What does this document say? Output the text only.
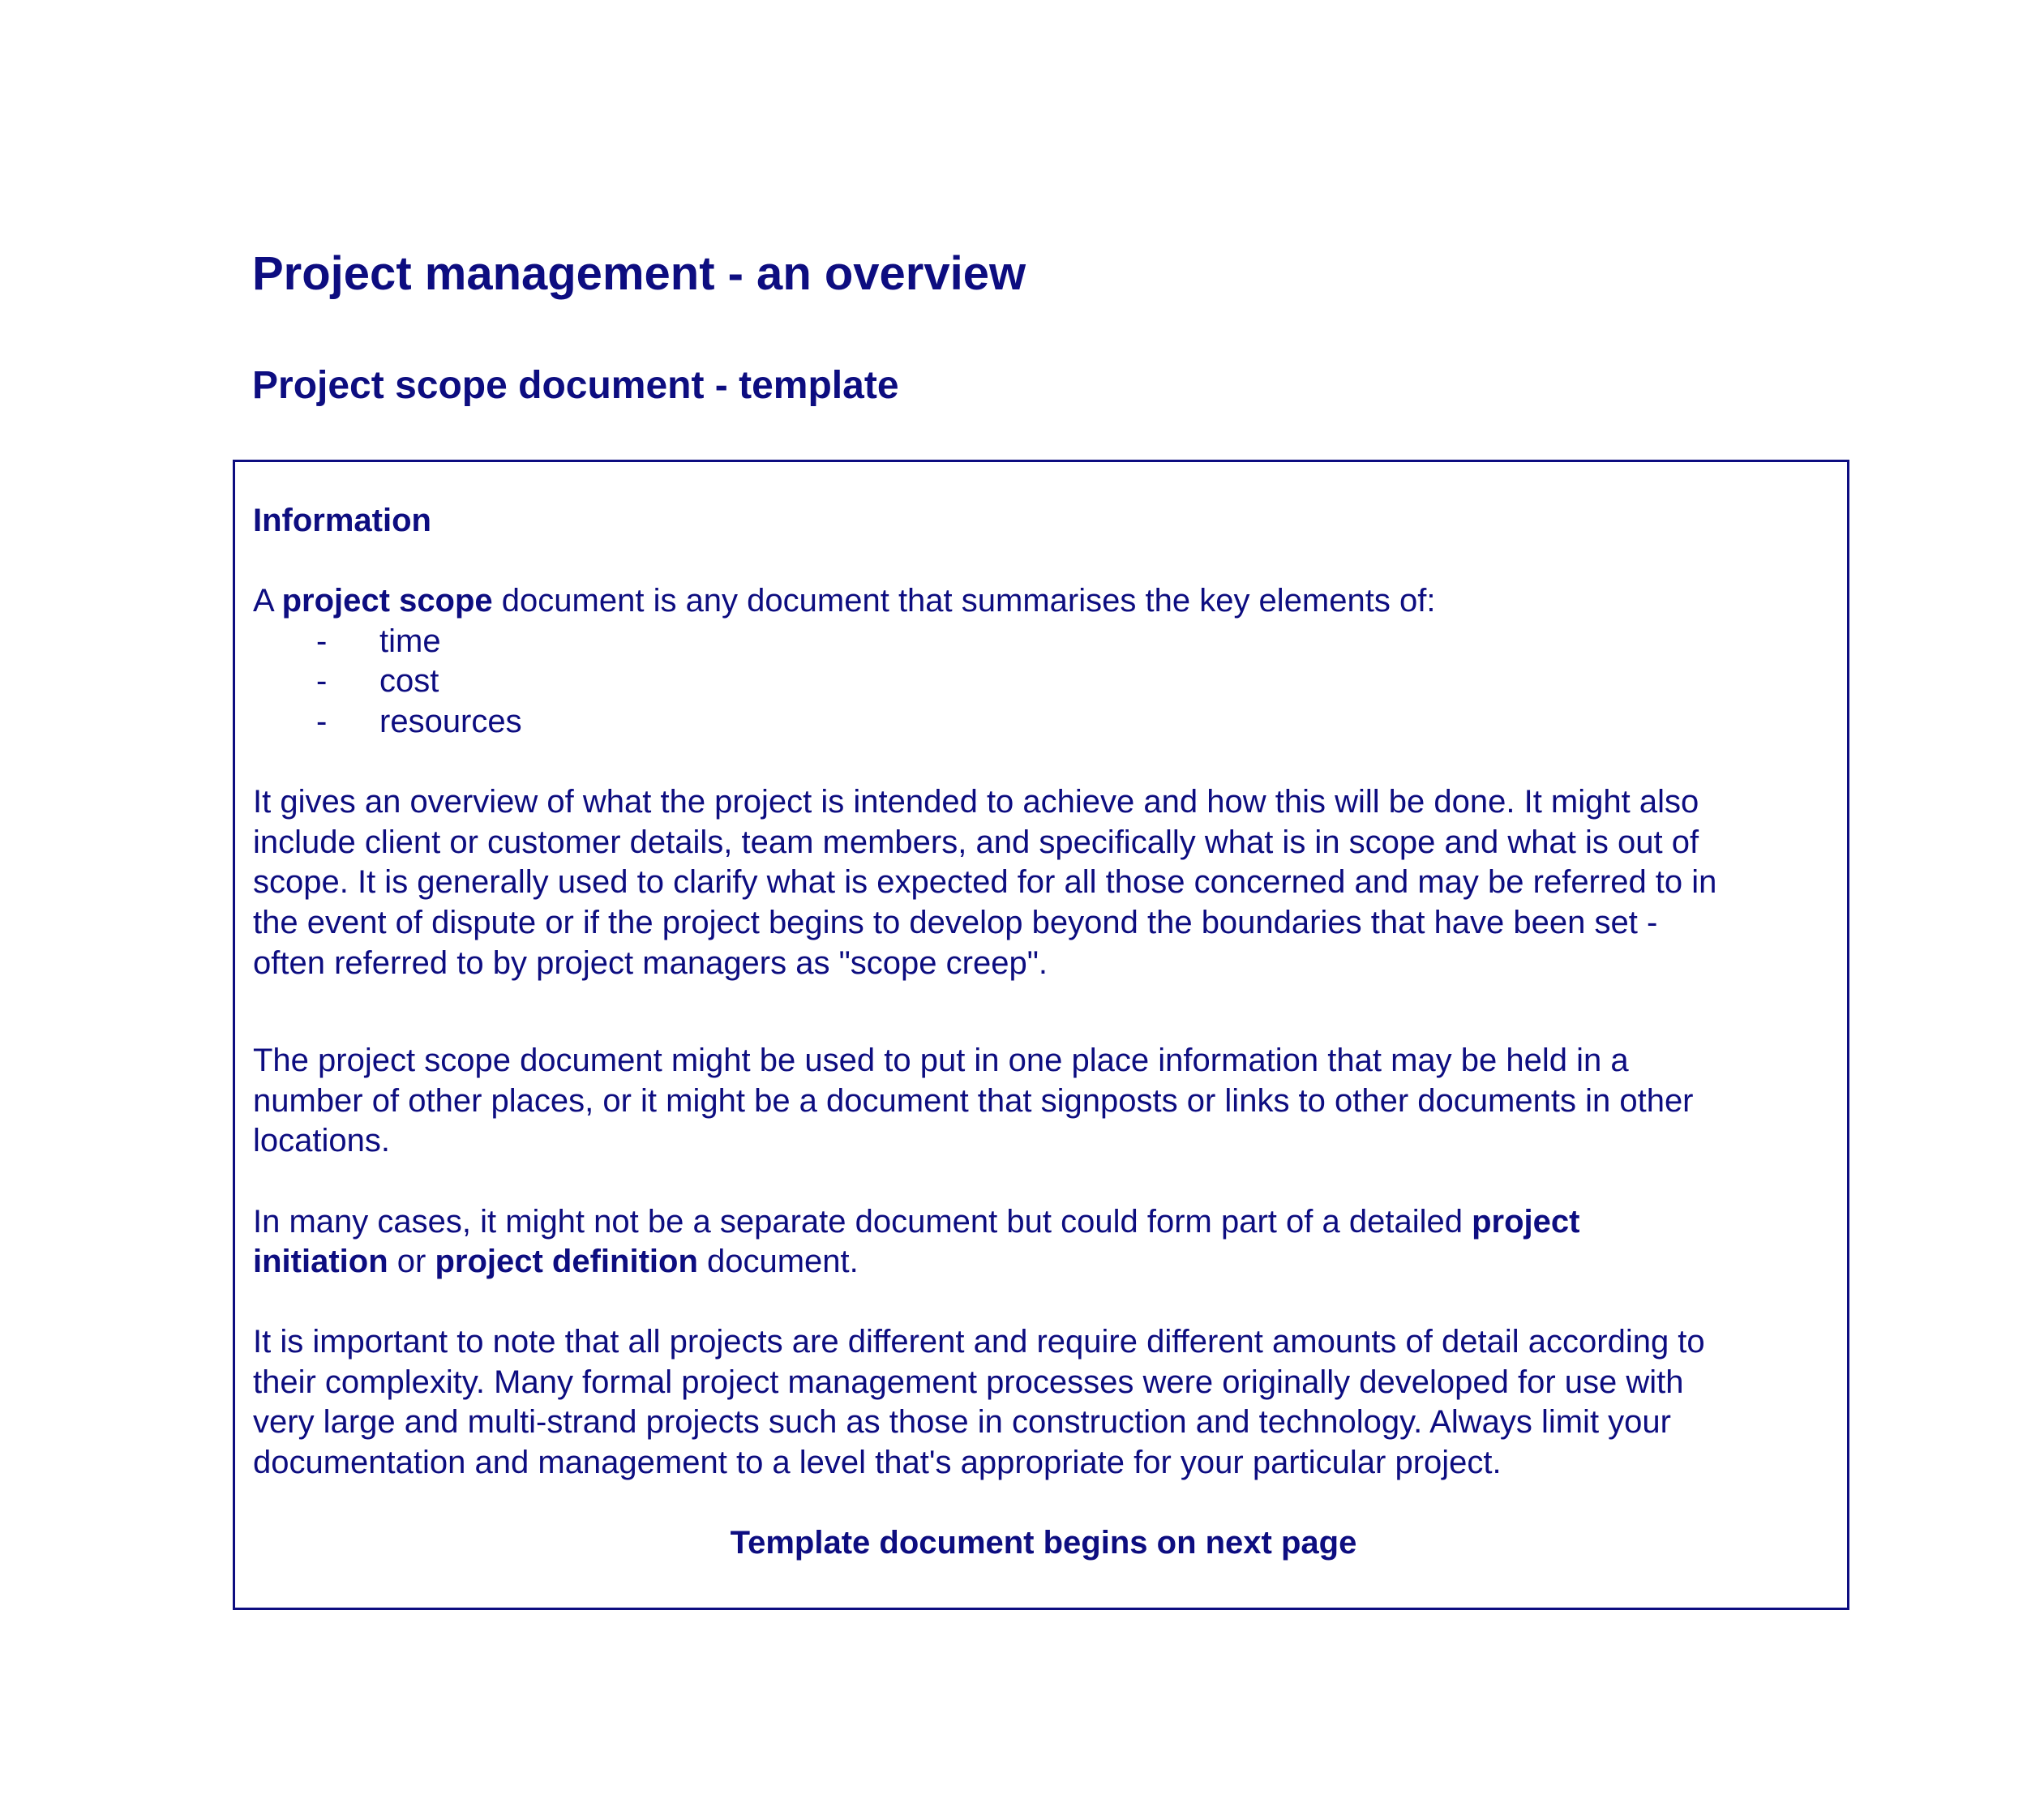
Project management - an overview
Project scope document - template
Information

A project scope document is any document that summarises the key elements of:

- time
- cost
- resources

It gives an overview of what the project is intended to achieve and how this will be done. It might also

include client or customer details, team members, and specifically what is in scope and what is out of

scope. It is generally used to clarify what is expected for all those concerned and may be referred to in

the event of dispute or if the project begins to develop beyond the boundaries that have been set -

often referred to by project managers as "scope creep".

The project scope document might be used to put in one place information that may be held in a

number of other places, or it might be a document that signposts or links to other documents in other

locations.

In many cases, it might not be a separate document but could form part of a detailed project

initiation or project definition document.

It is important to note that all projects are different and require different amounts of detail according to

their complexity. Many formal project management processes were originally developed for use with

very large and multi-strand projects such as those in construction and technology. Always limit your

documentation and management to a level that's appropriate for your particular project.

Template document begins on next page
